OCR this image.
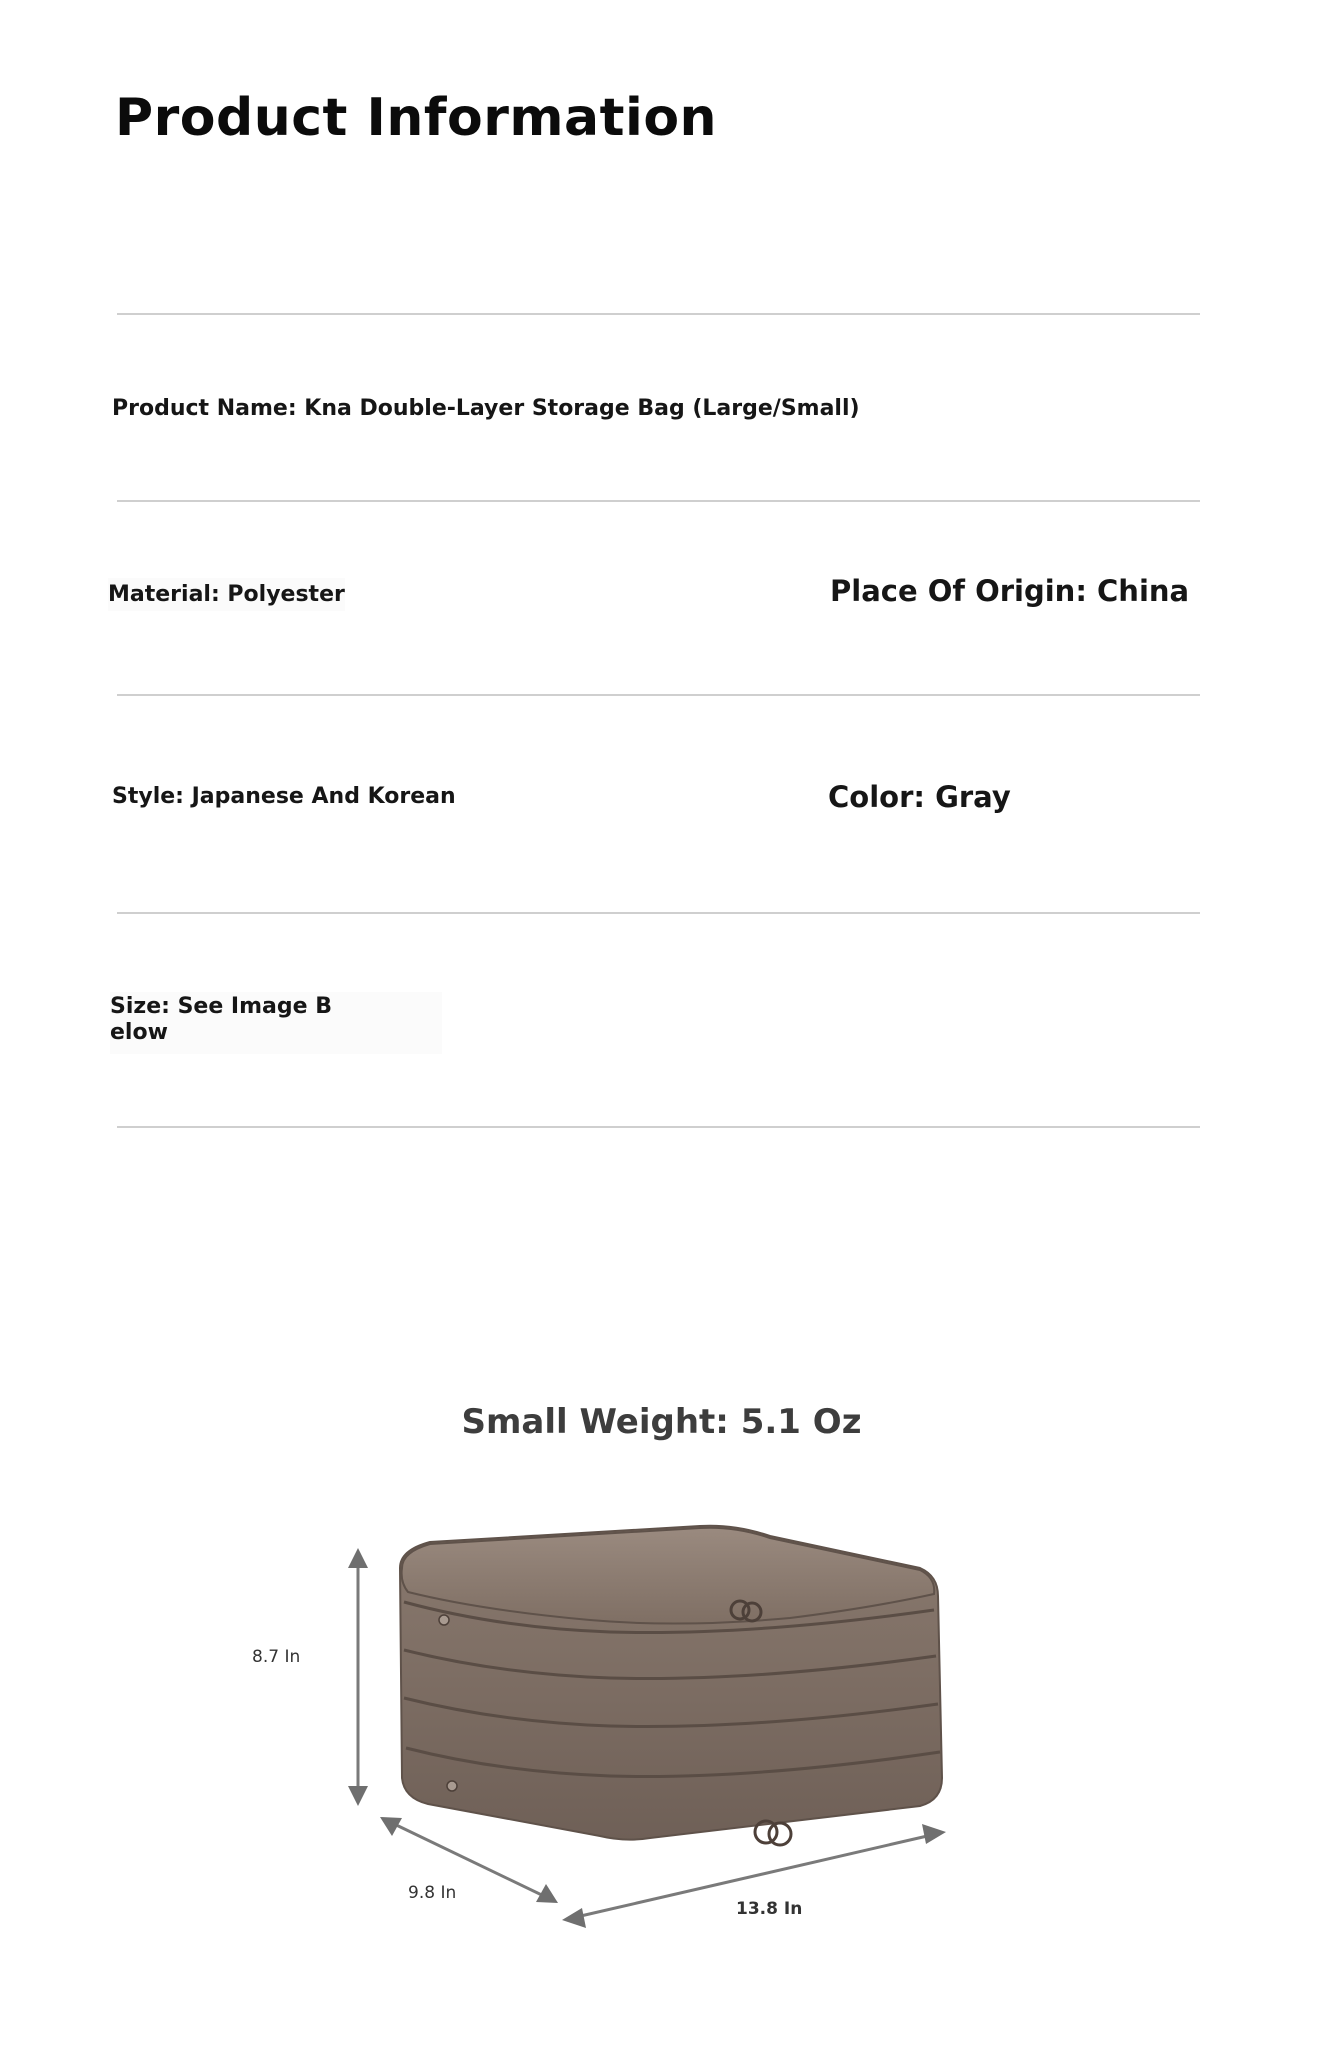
Product Information
Product Name: Kna Double-Layer Storage Bag (Large/Small)
Material: Polyester	Place Of Origin: China
Style: Japanese And Korean	Color: Gray
Size: See Image B
elow
Small Weight: 5.1 Oz
8.7 In
9.8 In
13.8 In
